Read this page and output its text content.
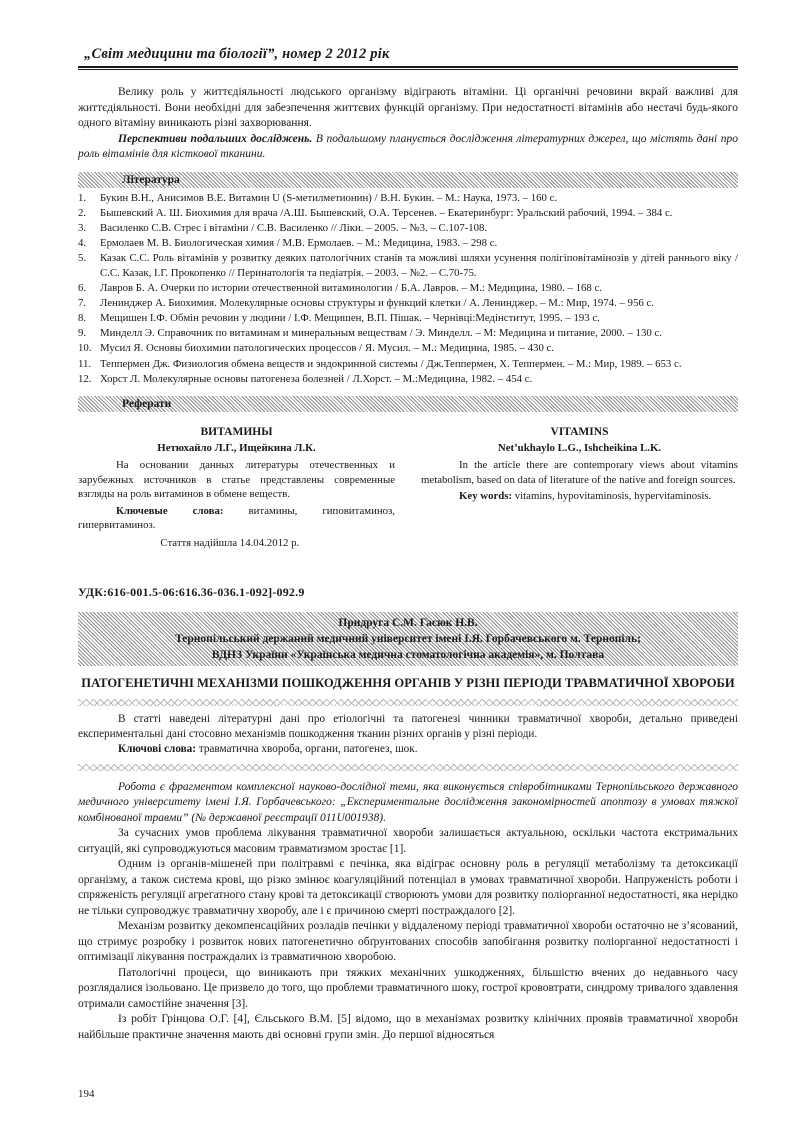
„Світ медицини та біології”, номер 2 2012 рік

Велику роль у життєдіяльності людського організму відіграють вітаміни. Ці органічні речовини вкрай важливі для життєдіяльності. Вони необхідні для забезпечення життєвих функцій організму. При недостатності вітамінів або нестачі будь-якого одного вітаміну виникають різні захворювання.

Перспективи подальших досліджень. В подальшому планується дослідження літературних джерел, що містять дані про роль вітамінів для кісткової тканини.

Література
Букин В.Н., Анисимов В.Е. Витамин U (S-метилметионин) / В.Н. Букин. – М.: Наука, 1973. – 160 с.
Бышевский А. Ш. Биохимия для врача /А.Ш. Бышевский, О.А. Терсенев. – Екатеринбург: Уральский рабочий, 1994. – 384 с.
Василенко С.В. Стрес і вітаміни / С.В. Василенко // Ліки. – 2005. – №3. – С.107-108.
Ермолаев М. В. Биологическая химия / М.В. Ермолаев. – М.: Медицина, 1983. – 298 с.
Казак С.С. Роль вітамінів у розвитку деяких патологічних станів та можливі шляхи усунення полігіповітамінозів у дітей раннього віку / С.С. Казак, І.Г. Прокопенко // Перинатологія та педіатрія. – 2003. – №2. – С.70-75.
Лавров Б. А. Очерки по истории отечественной витаминологии / Б.А. Лавров. – М.: Медицина, 1980. – 168 с.
Ленинджер А. Биохимия. Молекулярные основы структуры и функций клетки / А. Ленинджер. – М.: Мир, 1974. – 956 с.
Мещишен І.Ф. Обмін речовин у людини / І.Ф. Мещишен, В.П. Пішак. – Чернівці:Медінститут, 1995. – 193 с.
Минделл Э. Справочник по витаминам и минеральным веществам / Э. Минделл. – М: Медицина и питание, 2000. – 130 с.
Мусил Я. Основы биохимии патологических процессов / Я. Мусил. – М.: Медицина, 1985. – 430 с.
Теппермен Дж. Физиология обмена веществ и эндокринной системы / Дж.Теппермен, Х. Теппермен. – М.: Мир, 1989. – 653 с.
Хорст Л. Молекулярные основы патогенеза болезней / Л.Хорст. – М.:Медицина, 1982. – 454 с.
Реферати
ВИТАМИНЫ
Нетюхайло Л.Г., Ищейкина Л.К.
На основании данных литературы отечественных и зарубежных источников в статье представлены современные взгляды на роль витаминов в обмене веществ.
Ключевые слова: витамины, гиповитаминоз, гипервитаминоз.
VITAMINS
Net’ukhaylo L.G., Ishcheikina L.K.
In the article there are contemporary views about vitamins metabolism, based on data of literature of the native and foreign sources.
Key words: vitamins, hypovitaminosis, hypervitaminosis.
Стаття надійшла 14.04.2012 р.
УДК:616-001.5-06:616.36-036.1-092]-092.9
Придруга С.М. Гасюк Н.В.
Тернопільський держаний медичний університет імені І.Я. Горбачевського м. Тернопіль;
ВДНЗ України «Українська медична стоматологічна академія», м. Полтава
ПАТОГЕНЕТИЧНІ МЕХАНІЗМИ ПОШКОДЖЕННЯ ОРГАНІВ У РІЗНІ ПЕРІОДИ ТРАВМАТИЧНОЇ ХВОРОБИ

В статті наведені літературні дані про етіологічні та патогенезі чинники травматичної хвороби, детально приведені експериментальні дані стосовно механізмів пошкодження тканин різних органів у різні періоди.

Ключові слова: травматична хвороба, органи, патогенез, шок.

Робота є фрагментом комплексної науково-дослідної теми, яка виконується співробітниками Тернопільського державного медичного університету імені І.Я. Горбачевського: „Експериментальне дослідження закономірностей апоптозу в умовах тяжкої комбінованої травми” (№ державної реєстрації 011U001938).

За сучасних умов проблема лікування травматичної хвороби залишається актуальною, оскільки частота екстримальних ситуацій, які супроводжуються масовим травматизмом зростає [1].

Одним із органів-мішеней при політравмі є печінка, яка відіграє основну роль в регуляції метаболізму та детоксикації організму, а також система крові, що різко змінює коагуляційний потенціал в умовах травматичної хвороби. Напруженість роботи і спряженість регуляції агрегатного стану крові та детоксикації створюють умови для розвитку поліорганної недостатності, яка нерідко не тільки супроводжує травматичну хворобу, але і є причиною смерті постраждалого [2].

Механізм розвитку декомпенсаційних розладів печінки у віддаленому періоді травматичної хвороби остаточно не з’ясований, що стримує розробку і розвиток нових патогенетично обґрунтованих способів запобігання розвитку поліорганної недостатності і оптимізації лікування постраждалих із травматичною хворобою.

Патологічні процеси, що виникають при тяжких механічних ушкодженнях, більшістю вчених до недавнього часу розглядалися ізольовано. Це призвело до того, що проблеми травматичного шоку, гострої крововтрати, синдрому тривалого здавлення отримали самостійне значення [3].

Із робіт Грінцова О.Г. [4], Єльського В.М. [5] відомо, що в механізмах розвитку клінічних проявів травматичної хвороби найбільше практичне значення мають дві основні групи змін. До першої відносяться

194
